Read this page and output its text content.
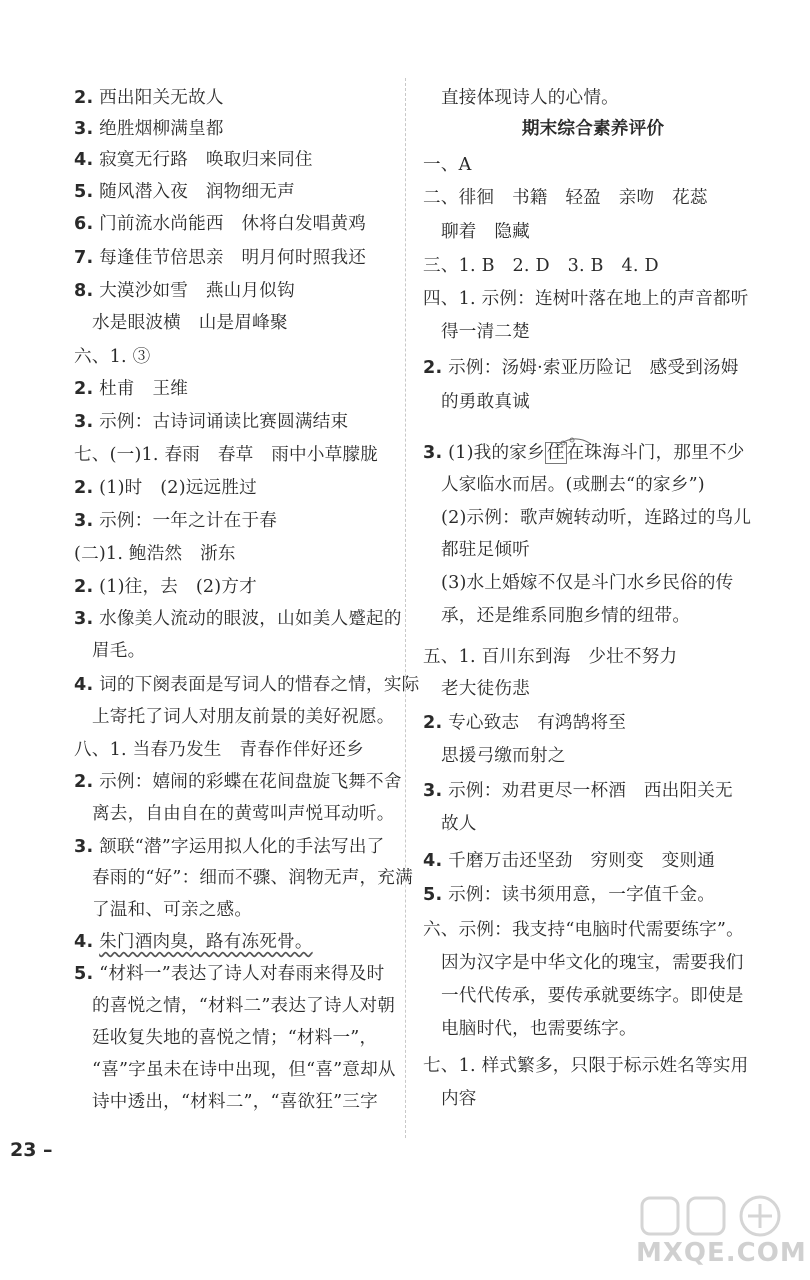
2. 西出阳关无故人
3. 绝胜烟柳满皇都
4. 寂寞无行路　唤取归来同住
5. 随风潜入夜　润物细无声
6. 门前流水尚能西　休将白发唱黄鸡
7. 每逢佳节倍思亲　明月何时照我还
8. 大漠沙如雪　燕山月似钩
水是眼波横　山是眉峰聚
六、1. ③
2. 杜甫　王维
3. 示例：古诗词诵读比赛圆满结束
七、(一)1. 春雨　春草　雨中小草朦胧
2. (1)时　(2)远远胜过
3. 示例：一年之计在于春
(二)1. 鲍浩然　浙东
2. (1)往，去　(2)方才
3. 水像美人流动的眼波，山如美人蹙起的
眉毛。
4. 词的下阕表面是写词人的惜春之情，实际
上寄托了词人对朋友前景的美好祝愿。
八、1. 当春乃发生　青春作伴好还乡
2. 示例：嬉闹的彩蝶在花间盘旋飞舞不舍
离去，自由自在的黄莺叫声悦耳动听。
3. 颔联“潜”字运用拟人化的手法写出了
春雨的“好”：细而不骤、润物无声，充满
了温和、可亲之感。
4. 朱门酒肉臭，路有冻死骨。
5. “材料一”表达了诗人对春雨来得及时
的喜悦之情，“材料二”表达了诗人对朝
廷收复失地的喜悦之情；“材料一”，
“喜”字虽未在诗中出现，但“喜”意却从
诗中透出，“材料二”，“喜欲狂”三字
直接体现诗人的心情。
期末综合素养评价
一、A
二、徘徊　书籍　轻盈　亲吻　花蕊
聊着　隐藏
三、1. B　2. D　3. B　4. D
四、1. 示例：连树叶落在地上的声音都听
得一清二楚
2. 示例：汤姆·索亚历险记　感受到汤姆
的勇敢真诚
3. (1)我的家乡 住 在珠海斗门，那里不少
人家临水而居。(或删去“的家乡”)
(2)示例：歌声婉转动听，连路过的鸟儿
都驻足倾听
(3)水上婚嫁不仅是斗门水乡民俗的传
承，还是维系同胞乡情的纽带。
五、1. 百川东到海　少壮不努力
老大徒伤悲
2. 专心致志　有鸿鹄将至
思援弓缴而射之
3. 示例：劝君更尽一杯酒　西出阳关无
故人
4. 千磨万击还坚劲　穷则变　变则通
5. 示例：读书须用意，一字值千金。
六、示例：我支持“电脑时代需要练字”。
因为汉字是中华文化的瑰宝，需要我们
一代代传承，要传承就要练字。即使是
电脑时代，也需要练字。
七、1. 样式繁多，只限于标示姓名等实用
内容
23 –
MXQE.COM
